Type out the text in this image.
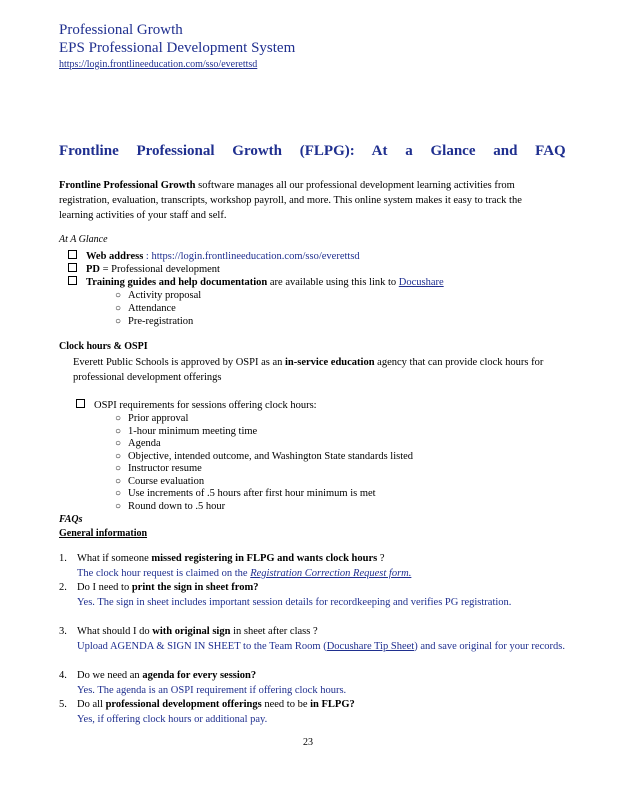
Professional Growth
EPS Professional Development System
https://login.frontlineeducation.com/sso/everettsd
Frontline Professional Growth (FLPG): At a Glance and FAQ
Frontline Professional Growth software manages all our professional development learning activities from registration, evaluation, transcripts, workshop payroll, and more. This online system makes it easy to track the learning activities of your staff and self.
At A Glance
Web address : https://login.frontlineeducation.com/sso/everettsd
PD = Professional development
Training guides and help documentation are available using this link to Docushare
○ Activity proposal
○ Attendance
○ Pre-registration
Clock hours & OSPI
Everett Public Schools is approved by OSPI as an in-service education agency that can provide clock hours for professional development offerings
OSPI requirements for sessions offering clock hours:
○ Prior approval
○ 1-hour minimum meeting time
○ Agenda
○ Objective, intended outcome, and Washington State standards listed
○ Instructor resume
○ Course evaluation
○ Use increments of .5 hours after first hour minimum is met
○ Round down to .5 hour
FAQs
General information
1. What if someone missed registering in FLPG and wants clock hours ?
The clock hour request is claimed on the Registration Correction Request form.
2. Do I need to print the sign in sheet from?
Yes. The sign in sheet includes important session details for recordkeeping and verifies PG registration.
3. What should I do with original sign in sheet after class ?
Upload AGENDA & SIGN IN SHEET to the Team Room (Docushare Tip Sheet) and save original for your records.
4. Do we need an agenda for every session?
Yes. The agenda is an OSPI requirement if offering clock hours.
5. Do all professional development offerings need to be in FLPG?
Yes, if offering clock hours or additional pay.
23
